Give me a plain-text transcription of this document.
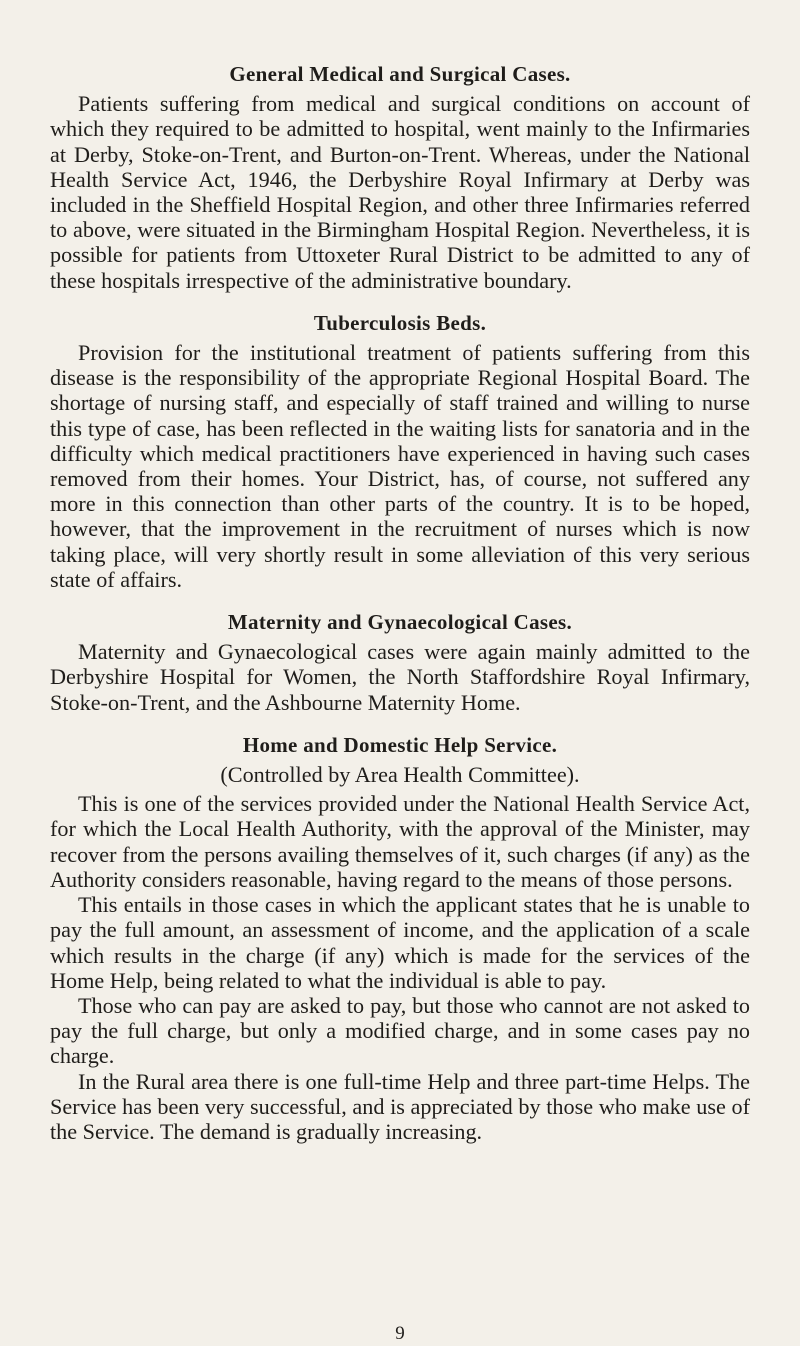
General Medical and Surgical Cases.

Patients suffering from medical and surgical conditions on account of which they required to be admitted to hospital, went mainly to the Infirmaries at Derby, Stoke-on-Trent, and Burton-on-Trent. Whereas, under the National Health Service Act, 1946, the Derbyshire Royal Infirmary at Derby was included in the Sheffield Hospital Region, and other three Infirmaries referred to above, were situated in the Birmingham Hospital Region. Nevertheless, it is possible for patients from Uttoxeter Rural District to be admitted to any of these hospitals irrespective of the administrative boundary.

Tuberculosis Beds.

Provision for the institutional treatment of patients suffering from this disease is the responsibility of the appropriate Regional Hospital Board. The shortage of nursing staff, and especially of staff trained and willing to nurse this type of case, has been reflected in the waiting lists for sanatoria and in the difficulty which medical practitioners have experienced in having such cases removed from their homes. Your District, has, of course, not suffered any more in this connection than other parts of the country. It is to be hoped, however, that the improvement in the recruitment of nurses which is now taking place, will very shortly result in some alleviation of this very serious state of affairs.

Maternity and Gynaecological Cases.

Maternity and Gynaecological cases were again mainly admitted to the Derbyshire Hospital for Women, the North Staffordshire Royal Infirmary, Stoke-on-Trent, and the Ashbourne Maternity Home.

Home and Domestic Help Service.
(Controlled by Area Health Committee).

This is one of the services provided under the National Health Service Act, for which the Local Health Authority, with the approval of the Minister, may recover from the persons availing themselves of it, such charges (if any) as the Authority considers reasonable, having regard to the means of those persons.

This entails in those cases in which the applicant states that he is unable to pay the full amount, an assessment of income, and the application of a scale which results in the charge (if any) which is made for the services of the Home Help, being related to what the individual is able to pay.

Those who can pay are asked to pay, but those who cannot are not asked to pay the full charge, but only a modified charge, and in some cases pay no charge.

In the Rural area there is one full-time Help and three part-time Helps. The Service has been very successful, and is appreciated by those who make use of the Service. The demand is gradually increasing.

9
